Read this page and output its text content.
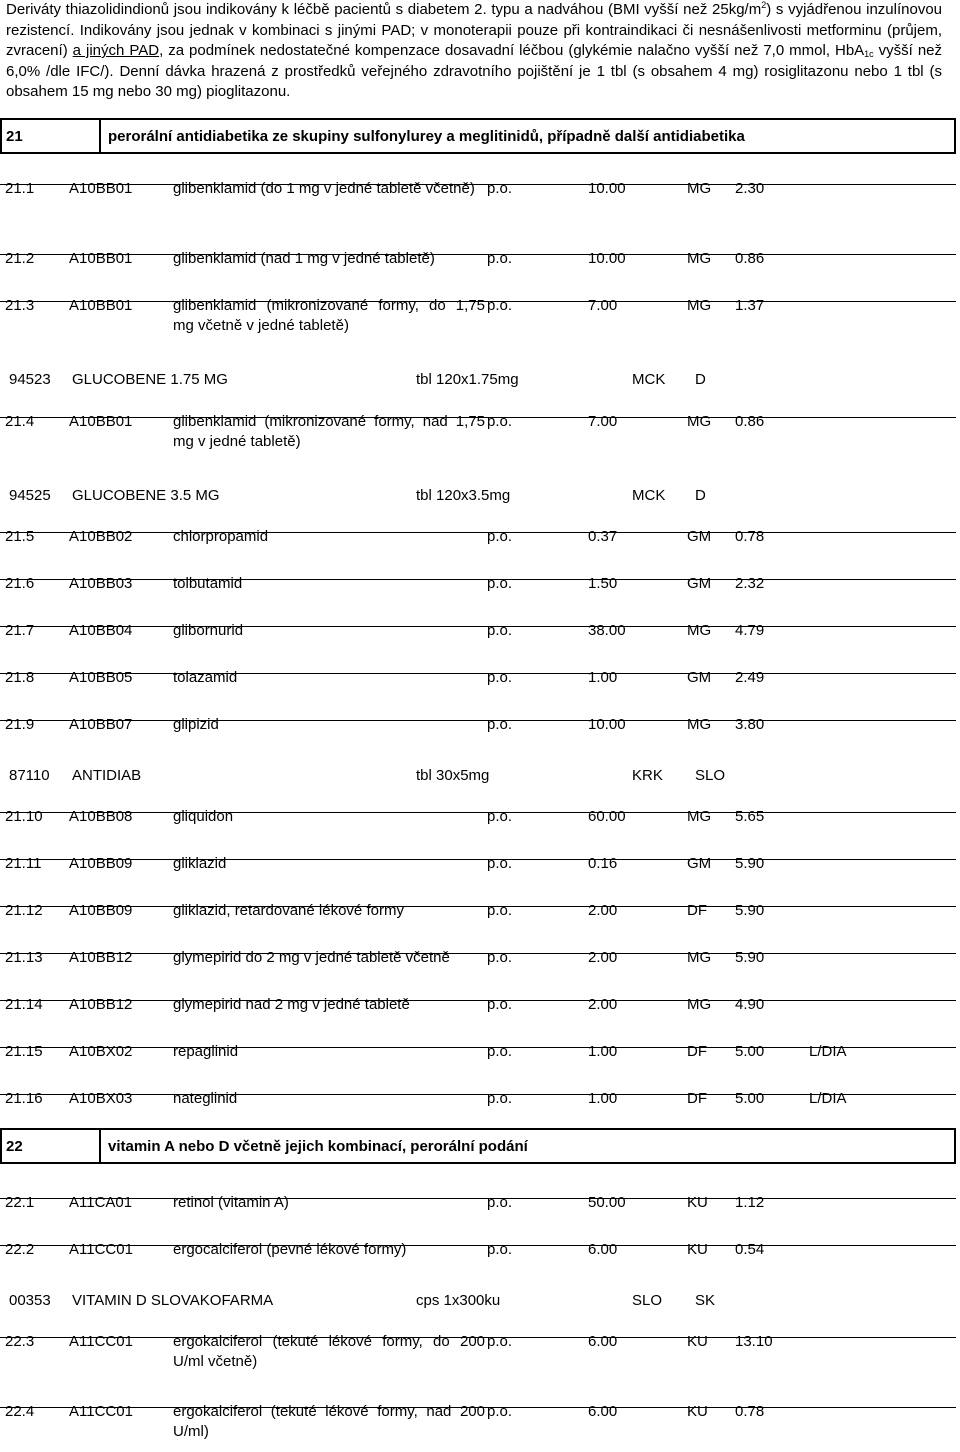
Deriváty thiazolidindionů jsou indikovány k léčbě pacientů s diabetem 2. typu a nadváhou (BMI vyšší než $25kg/m^2$) s vyjádřenou inzulínovou rezistencí. Indikovány jsou jednak v kombinaci s jinými PAD; v monoterapii pouze při kontraindikaci či nesnášenlivosti metforminu (průjem, zvracení) a jiných PAD, za podmínek nedostatečné kompenzace dosavadní léčbou (glykémie nalačno vyšší než 7,0 mmol, HbA$_{1c}$ vyšší než 6,0% /dle IFC/). Denní dávka hrazená z prostředků veřejného zdravotního pojištění je 1 tbl (s obsahem 4 mg) rosiglitazonu nebo 1 tbl (s obsahem 15 mg nebo 30 mg) pioglitazonu.
21	perorální antidiabetika ze skupiny sulfonylurey a meglitinidů, případně další antidiabetika
21.1 A10BB01	glibenklamid (do 1 mg v jedné tabletě včetně) p.o.	10.00	MG 2.30
21.2 A10BB01	glibenklamid (nad 1 mg v jedné tabletě)	p.o.	10.00	MG 0.86
21.3 A10BB01	glibenklamid (mikronizované formy, do 1,75 mg včetně v jedné tabletě)
p.o.	7.00	MG 1.37
94523 GLUCOBENE 1.75 MG	tbl 120x1.75mg	MCK D
21.4 A10BB01	glibenklamid (mikronizované formy, nad 1,75 mg v jedné tabletě)
p.o.	7.00	MG 0.86
94525 GLUCOBENE 3.5 MG	tbl 120x3.5mg	MCK D
21.5 A10BB02	chlorpropamid	p.o.	0.37	GM 0.78
21.6 A10BB03	tolbutamid	p.o.	1.50	GM 2.32
21.7 A10BB04	glibornurid	p.o.	38.00	MG 4.79
21.8 A10BB05	tolazamid	p.o.	1.00	GM 2.49
21.9 A10BB07	glipizid	p.o.	10.00	MG 3.80
87110 ANTIDIAB	tbl 30x5mg	KRK SLO
21.10 A10BB08	gliquidon	p.o.	60.00	MG 5.65
21.11 A10BB09	gliklazid	p.o.	0.16	GM 5.90
21.12 A10BB09	gliklazid, retardované lékové formy	p.o.	2.00	DF 5.90
21.13 A10BB12	glymepirid do 2 mg v jedné tabletě včetně	p.o.	2.00	MG 5.90
21.14 A10BB12	glymepirid nad 2 mg v jedné tabletě	p.o.	2.00	MG 4.90
21.15 A10BX02	repaglinid	p.o.	1.00	DF 5.00	L/DIA
21.16 A10BX03	nateglinid	p.o.	1.00	DF 5.00	L/DIA
22	vitamin A nebo D včetně jejich kombinací, perorální podání
22.1 A11CA01	retinol (vitamin A)	p.o.	50.00	KU 1.12
22.2 A11CC01	ergocalciferol (pevné lékové formy)	p.o.	6.00	KU 0.54
00353 VITAMIN D SLOVAKOFARMA	cps 1x300ku	SLO SK
22.3 A11CC01	ergokalciferol (tekuté lékové formy, do 200 U/ml včetně)
p.o.	6.00	KU 13.10
22.4 A11CC01	ergokalciferol (tekuté lékové formy, nad 200 U/ml)
p.o.	6.00	KU 0.78
